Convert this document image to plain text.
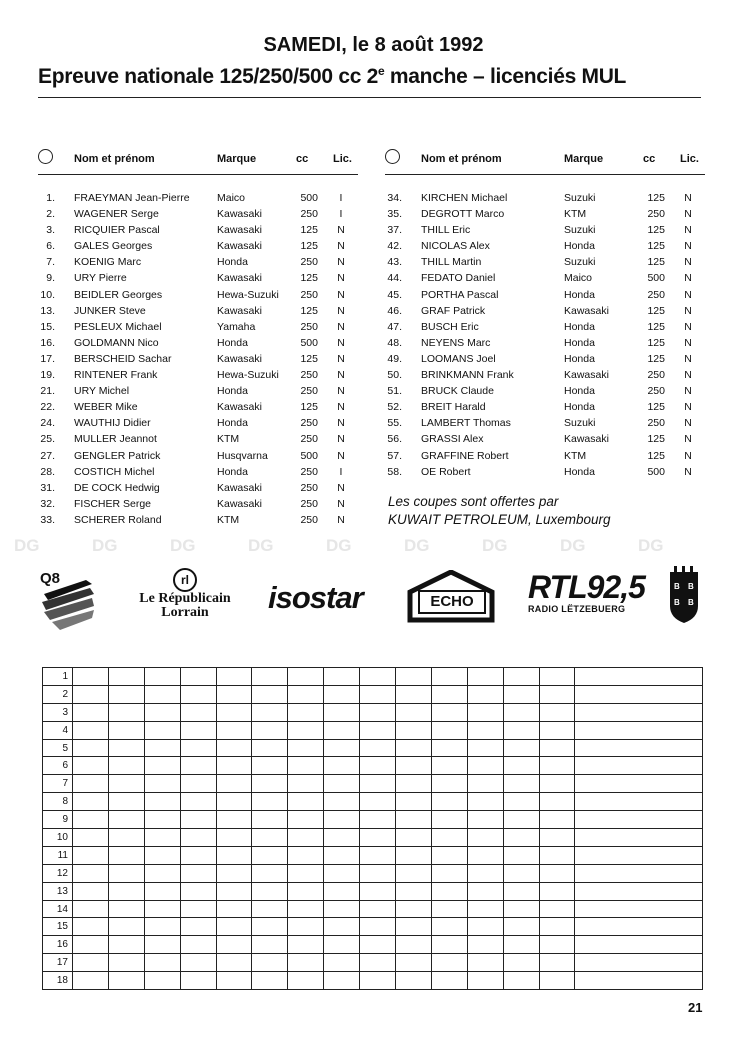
SAMEDI, le 8 août 1992
Epreuve nationale 125/250/500 cc 2e manche – licenciés MUL
Nom et prénom	Marque	cc Lic.
1. FRAEYMAN Jean-Pierre	Maico	500	I
2. WAGENER Serge	Kawasaki	250	I
3. RICQUIER Pascal	Kawasaki	125 N
6. GALES Georges	Kawasaki	125 N
7. KOENIG Marc	Honda	250 N
9. URY Pierre	Kawasaki	125 N
10. BEIDLER Georges	Hewa-Suzuki	250 N
13. JUNKER Steve	Kawasaki	125 N
15. PESLEUX Michael	Yamaha	250 N
16. GOLDMANN Nico	Honda	500 N
17. BERSCHEID Sachar	Kawasaki	125 N
19. RINTENER Frank	Hewa-Suzuki	250 N
21. URY Michel	Honda	250 N
22. WEBER Mike	Kawasaki	125 N
24. WAUTHIJ Didier	Honda	250 N
25. MULLER Jeannot	KTM	250 N
27. GENGLER Patrick	Husqvarna	500 N
28. COSTICH Michel	Honda	250	I
31. DE COCK Hedwig	Kawasaki	250 N
32. FISCHER Serge	Kawasaki	250 N
33. SCHERER Roland	KTM	250 N
Nom et prénom	Marque	cc Lic.
34. KIRCHEN Michael	Suzuki	125 N
35. DEGROTT Marco	KTM	250 N
37. THILL Eric	Suzuki	125 N
42. NICOLAS Alex	Honda	125 N
43. THILL Martin	Suzuki	125 N
44. FEDATO Daniel	Maico	500 N
45. PORTHA Pascal	Honda	250 N
46. GRAF Patrick	Kawasaki	125 N
47. BUSCH Eric	Honda	125 N
48. NEYENS Marc	Honda	125 N
49. LOOMANS Joel	Honda	125 N
50. BRINKMANN Frank	Kawasaki	250 N
51. BRUCK Claude	Honda	250 N
52. BREIT Harald	Honda	125 N
55. LAMBERT Thomas	Suzuki	250 N
56. GRASSI Alex	Kawasaki	125 N
57. GRAFFINE Robert	KTM	125 N
58. OE Robert	Honda	500 N
DG	DG	DG	DG	DG	DG	DG	DG	DG
Les coupes sont offertes par
KUWAIT PETROLEUM, Luxembourg
Q8	rl
Le Républicain
Lorrain	isostar	ECHO	RTL92,5
RADIO LËTZEBUERG
B B
B B
1															
2															
3															
4															
5															
6															
7															
8															
9															
10															
11															
12															
13															
14															
15															
16															
17															
18															
21
